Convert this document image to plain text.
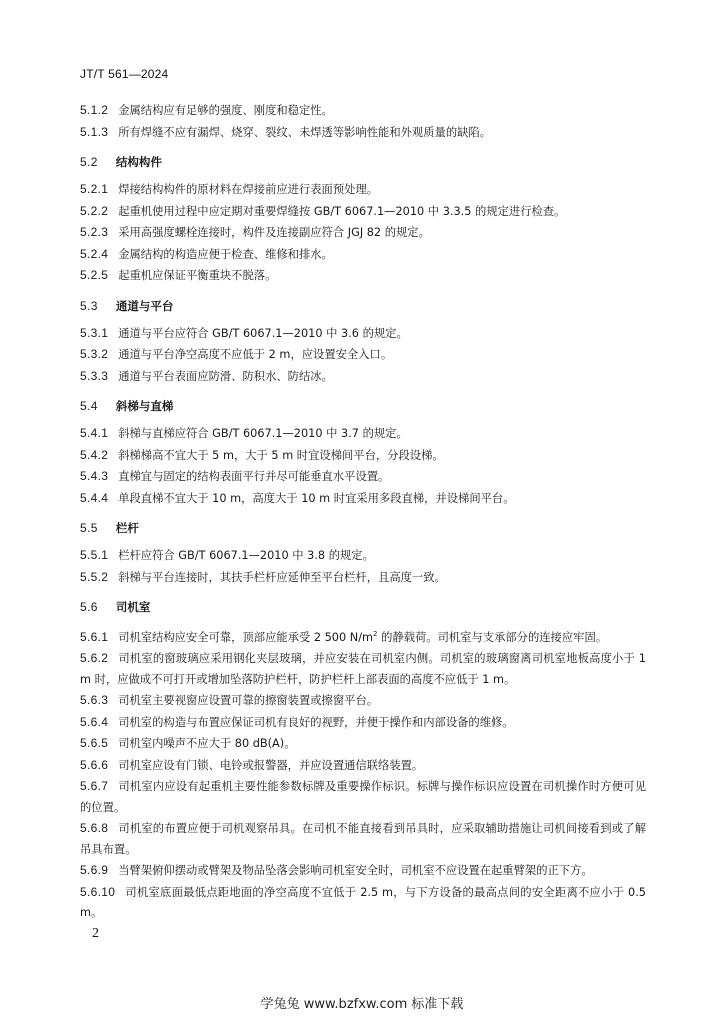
JT/T 561—2024
5.1.2 金属结构应有足够的强度、刚度和稳定性。
5.1.3 所有焊缝不应有漏焊、烧穿、裂纹、未焊透等影响性能和外观质量的缺陷。
5.2 结构构件
5.2.1 焊接结构构件的原材料在焊接前应进行表面预处理。
5.2.2 起重机使用过程中应定期对重要焊缝按 GB/T 6067.1—2010 中 3.3.5 的规定进行检查。
5.2.3 采用高强度螺栓连接时，构件及连接副应符合 JGJ 82 的规定。
5.2.4 金属结构的构造应便于检查、维修和排水。
5.2.5 起重机应保证平衡重块不脱落。
5.3 通道与平台
5.3.1 通道与平台应符合 GB/T 6067.1—2010 中 3.6 的规定。
5.3.2 通道与平台净空高度不应低于 2 m，应设置安全入口。
5.3.3 通道与平台表面应防滑、防积水、防结冰。
5.4 斜梯与直梯
5.4.1 斜梯与直梯应符合 GB/T 6067.1—2010 中 3.7 的规定。
5.4.2 斜梯梯高不宜大于 5 m，大于 5 m 时宜设梯间平台，分段设梯。
5.4.3 直梯宜与固定的结构表面平行并尽可能垂直水平设置。
5.4.4 单段直梯不宜大于 10 m，高度大于 10 m 时宜采用多段直梯，并设梯间平台。
5.5 栏杆
5.5.1 栏杆应符合 GB/T 6067.1—2010 中 3.8 的规定。
5.5.2 斜梯与平台连接时，其扶手栏杆应延伸至平台栏杆，且高度一致。
5.6 司机室
5.6.1 司机室结构应安全可靠，顶部应能承受 2 500 $N/m^2$ 的静载荷。司机室与支承部分的连接应牢固。
5.6.2 司机室的窗玻璃应采用钢化夹层玻璃，并应安装在司机室内侧。司机室的玻璃窗离司机室地板高度小于 1 m 时，应做成不可打开或增加坠落防护栏杆，防护栏杆上部表面的高度不应低于 1 m。
5.6.3 司机室主要视窗应设置可靠的擦窗装置或擦窗平台。
5.6.4 司机室的构造与布置应保证司机有良好的视野，并便于操作和内部设备的维修。
5.6.5 司机室内噪声不应大于 80 dB(A)。
5.6.6 司机室应设有门锁、电铃或报警器，并应设置通信联络装置。
5.6.7 司机室内应设有起重机主要性能参数标牌及重要操作标识。标牌与操作标识应设置在司机操作时方便可见的位置。
5.6.8 司机室的布置应便于司机观察吊具。在司机不能直接看到吊具时，应采取辅助措施让司机间接看到或了解吊具布置。
5.6.9 当臂架俯仰摆动或臂架及物品坠落会影响司机室安全时，司机室不应设置在起重臂架的正下方。
5.6.10 司机室底面最低点距地面的净空高度不宜低于 2.5 m，与下方设备的最高点间的安全距离不应小于 0.5 m。
2
学兔兔 www.bzfxw.com 标准下载
